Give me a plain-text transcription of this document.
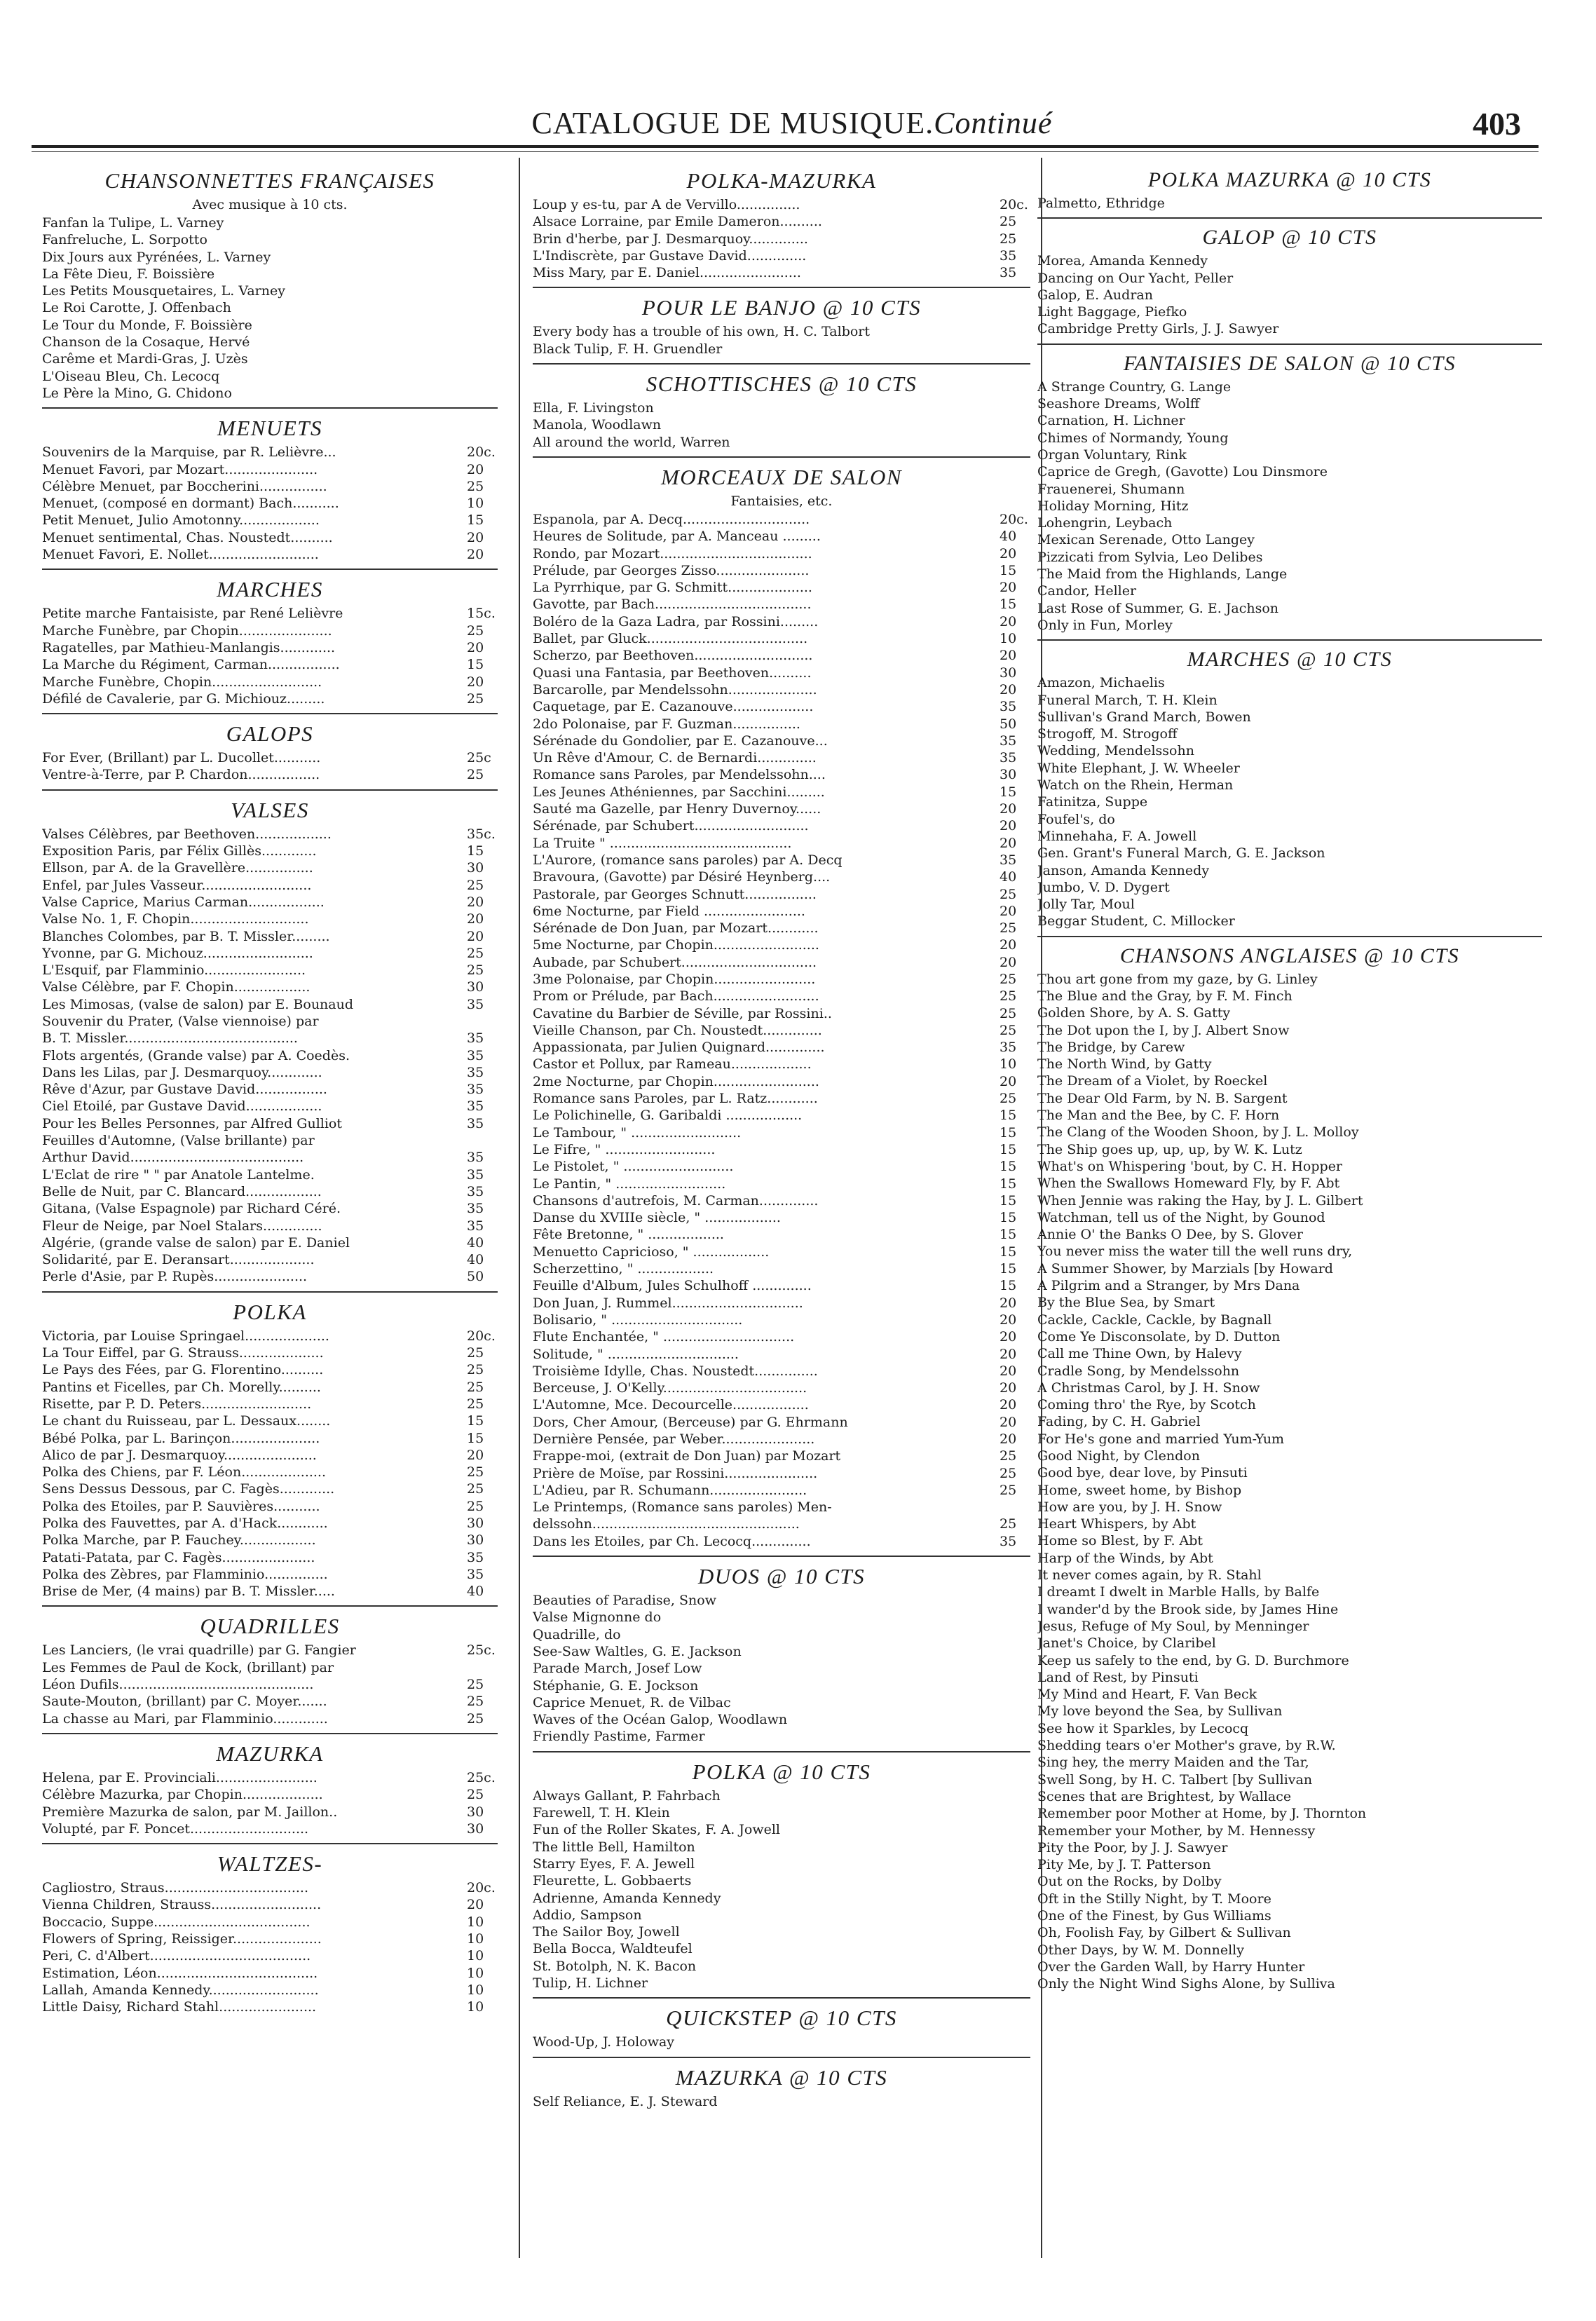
CATALOGUE DE MUSIQUE.Continué	403
CHANSONNETTES FRANÇAISES
Avec musique à 10 cts.
Fanfan la Tulipe, L. Varney
Fanfreluche, L. Sorpotto
Dix Jours aux Pyrénées, L. Varney
La Fête Dieu, F. Boissière
Les Petits Mousquetaires, L. Varney
Le Roi Carotte, J. Offenbach
Le Tour du Monde, F. Boissière
Chanson de la Cosaque, Hervé
Carême et Mardi-Gras, J. Uzès
L'Oiseau Bleu, Ch. Lecocq
Le Père la Mino, G. Chidono
MENUETS
Souvenirs de la Marquise, par R. Lelièvre...	20c.
Menuet Favori, par Mozart......................	20
Célèbre Menuet, par Boccherini................	25
Menuet, (composé en dormant) Bach...........	10
Petit Menuet, Julio Amotonny...................	15
Menuet sentimental, Chas. Noustedt..........	20
Menuet Favori, E. Nollet..........................	20
MARCHES
Petite marche Fantaisiste, par René Lelièvre	15c.
Marche Funèbre, par Chopin......................	25
Ragatelles, par Mathieu-Manlangis.............	20
La Marche du Régiment, Carman.................	15
Marche Funèbre, Chopin..........................	20
Défilé de Cavalerie, par G. Michiouz.........	25
GALOPS
For Ever, (Brillant) par L. Ducollet...........	25c
Ventre-à-Terre, par P. Chardon.................	25
VALSES
Valses Célèbres, par Beethoven..................	35c.
Exposition Paris, par Félix Gillès.............	15
Ellson, par A. de la Gravellère................	30
Enfel, par Jules Vasseur..........................	25
Valse Caprice, Marius Carman..................	20
Valse No. 1, F. Chopin............................	20
Blanches Colombes, par B. T. Missler.........	20
Yvonne, par G. Michouz..........................	25
L'Esquif, par Flamminio........................	25
Valse Célèbre, par F. Chopin..................	30
Les Mimosas, (valse de salon) par E. Bounaud	35
Souvenir du Prater, (Valse viennoise) par
B. T. Missler.........................................	35
Flots argentés, (Grande valse) par A. Coedès.	35
Dans les Lilas, par J. Desmarquoy.............	35
Rêve d'Azur, par Gustave David.................	35
Ciel Etoilé, par Gustave David..................	35
Pour les Belles Personnes, par Alfred Gulliot	35
Feuilles d'Automne, (Valse brillante) par
Arthur David.........................................	35
L'Eclat de rire " " par Anatole Lantelme.	35
Belle de Nuit, par C. Blancard..................	35
Gitana, (Valse Espagnole) par Richard Céré.	35
Fleur de Neige, par Noel Stalars..............	35
Algérie, (grande valse de salon) par E. Daniel	40
Solidarité, par E. Deransart....................	40
Perle d'Asie, par P. Rupès......................	50
POLKA
Victoria, par Louise Springael....................	20c.
La Tour Eiffel, par G. Strauss....................	25
Le Pays des Fées, par G. Florentino..........	25
Pantins et Ficelles, par Ch. Morelly..........	25
Risette, par P. D. Peters..........................	25
Le chant du Ruisseau, par L. Dessaux........	15
Bébé Polka, par L. Barinçon.....................	15
Alico de par J. Desmarquoy......................	20
Polka des Chiens, par F. Léon....................	25
Sens Dessus Dessous, par C. Fagès.............	25
Polka des Etoiles, par P. Sauvières...........	25
Polka des Fauvettes, par A. d'Hack............	30
Polka Marche, par P. Fauchey..................	30
Patati-Patata, par C. Fagès......................	35
Polka des Zèbres, par Flamminio...............	35
Brise de Mer, (4 mains) par B. T. Missler.....	40
QUADRILLES
Les Lanciers, (le vrai quadrille) par G. Fangier	25c.
Les Femmes de Paul de Kock, (brillant) par
Léon Dufils..............................................	25
Saute-Mouton, (brillant) par C. Moyer.......	25
La chasse au Mari, par Flamminio.............	25
MAZURKA
Helena, par E. Provinciali........................	25c.
Célèbre Mazurka, par Chopin...................	25
Première Mazurka de salon, par M. Jaillon..	30
Volupté, par F. Poncet............................	30
WALTZES-
Cagliostro, Straus..................................	20c.
Vienna Children, Strauss..........................	20
Boccacio, Suppe.....................................	10
Flowers of Spring, Reissiger.....................	10
Peri, C. d'Albert......................................	10
Estimation, Léon......................................	10
Lallah, Amanda Kennedy..........................	10
Little Daisy, Richard Stahl.......................	10
POLKA-MAZURKA
Loup y es-tu, par A de Vervillo...............	20c.
Alsace Lorraine, par Emile Dameron..........	25
Brin d'herbe, par J. Desmarquoy..............	25
L'Indiscrète, par Gustave David..............	35
Miss Mary, par E. Daniel........................	35
POUR LE BANJO @ 10 CTS
Every body has a trouble of his own, H. C. Talbort
Black Tulip, F. H. Gruendler
SCHOTTISCHES @ 10 CTS
Ella, F. Livingston
Manola, Woodlawn
All around the world, Warren
MORCEAUX DE SALON
Fantaisies, etc.
Espanola, par A. Decq..............................	20c.
Heures de Solitude, par A. Manceau .........	40
Rondo, par Mozart....................................	20
Prélude, par Georges Zisso......................	15
La Pyrrhique, par G. Schmitt....................	20
Gavotte, par Bach.....................................	15
Boléro de la Gaza Ladra, par Rossini.........	20
Ballet, par Gluck......................................	10
Scherzo, par Beethoven............................	20
Quasi una Fantasia, par Beethoven..........	30
Barcarolle, par Mendelssohn.....................	20
Caquetage, par E. Cazanouve...................	35
2do Polonaise, par F. Guzman................	50
Sérénade du Gondolier, par E. Cazanouve...	35
Un Rêve d'Amour, C. de Bernardi..............	35
Romance sans Paroles, par Mendelssohn....	30
Les Jeunes Athéniennes, par Sacchini.........	15
Sauté ma Gazelle, par Henry Duvernoy......	20
Sérénade, par Schubert...........................	20
La Truite " ...........................................	20
L'Aurore, (romance sans paroles) par A. Decq	35
Bravoura, (Gavotte) par Désiré Heynberg....	40
Pastorale, par Georges Schnutt.................	25
6me Nocturne, par Field ........................	20
Sérénade de Don Juan, par Mozart............	25
5me Nocturne, par Chopin.........................	20
Aubade, par Schubert................................	20
3me Polonaise, par Chopin........................	25
Prom or Prélude, par Bach.........................	25
Cavatine du Barbier de Séville, par Rossini..	25
Vieille Chanson, par Ch. Noustedt..............	25
Appassionata, par Julien Quignard..............	35
Castor et Pollux, par Rameau...................	10
2me Nocturne, par Chopin.........................	20
Romance sans Paroles, par L. Ratz............	25
Le Polichinelle, G. Garibaldi ..................	15
Le Tambour, " ..........................	15
Le Fifre, " ..........................	15
Le Pistolet, " ..........................	15
Le Pantin, " ..........................	15
Chansons d'autrefois, M. Carman..............	15
Danse du XVIIIe siècle, " ..................	15
Fête Bretonne, " ..................	15
Menuetto Capricioso, " ..................	15
Scherzettino, " ..................	15
Feuille d'Album, Jules Schulhoff ..............	15
Don Juan, J. Rummel...............................	20
Bolisario, " ...............................	20
Flute Enchantée, " ...............................	20
Solitude, " ...............................	20
Troisième Idylle, Chas. Noustedt...............	20
Berceuse, J. O'Kelly..................................	20
L'Automne, Mce. Decourcelle..................	20
Dors, Cher Amour, (Berceuse) par G. Ehrmann	20
Dernière Pensée, par Weber......................	20
Frappe-moi, (extrait de Don Juan) par Mozart	25
Prière de Moïse, par Rossini......................	25
L'Adieu, par R. Schumann.......................	25
Le Printemps, (Romance sans paroles) Men-
delssohn.................................................	25
Dans les Etoiles, par Ch. Lecocq..............	35
DUOS @ 10 CTS
Beauties of Paradise, Snow
Valse Mignonne do
Quadrille, do
See-Saw Waltles, G. E. Jackson
Parade March, Josef Low
Stéphanie, G. E. Jockson
Caprice Menuet, R. de Vilbac
Waves of the Océan Galop, Woodlawn
Friendly Pastime, Farmer
POLKA @ 10 CTS
Always Gallant, P. Fahrbach
Farewell, T. H. Klein
Fun of the Roller Skates, F. A. Jowell
The little Bell, Hamilton
Starry Eyes, F. A. Jewell
Fleurette, L. Gobbaerts
Adrienne, Amanda Kennedy
Addio, Sampson
The Sailor Boy, Jowell
Bella Bocca, Waldteufel
St. Botolph, N. K. Bacon
Tulip, H. Lichner
QUICKSTEP @ 10 CTS
Wood-Up, J. Holoway
MAZURKA @ 10 CTS
Self Reliance, E. J. Steward
POLKA MAZURKA @ 10 CTS
Palmetto, Ethridge
GALOP @ 10 CTS
Morea, Amanda Kennedy
Dancing on Our Yacht, Peller
Galop, E. Audran
Light Baggage, Piefko
Cambridge Pretty Girls, J. J. Sawyer
FANTAISIES DE SALON @ 10 CTS
A Strange Country, G. Lange
Seashore Dreams, Wolff
Carnation, H. Lichner
Chimes of Normandy, Young
Organ Voluntary, Rink
Caprice de Gregh, (Gavotte) Lou Dinsmore
Frauenerei, Shumann
Holiday Morning, Hitz
Lohengrin, Leybach
Mexican Serenade, Otto Langey
Pizzicati from Sylvia, Leo Delibes
The Maid from the Highlands, Lange
Candor, Heller
Last Rose of Summer, G. E. Jachson
Only in Fun, Morley
MARCHES @ 10 CTS
Amazon, Michaelis
Funeral March, T. H. Klein
Sullivan's Grand March, Bowen
Strogoff, M. Strogoff
Wedding, Mendelssohn
White Elephant, J. W. Wheeler
Watch on the Rhein, Herman
Fatinitza, Suppe
Foufel's, do
Minnehaha, F. A. Jowell
Gen. Grant's Funeral March, G. E. Jackson
Janson, Amanda Kennedy
Jumbo, V. D. Dygert
Jolly Tar, Moul
Beggar Student, C. Millocker
CHANSONS ANGLAISES @ 10 CTS
Thou art gone from my gaze, by G. Linley
The Blue and the Gray, by F. M. Finch
Golden Shore, by A. S. Gatty
The Dot upon the I, by J. Albert Snow
The Bridge, by Carew
The North Wind, by Gatty
The Dream of a Violet, by Roeckel
The Dear Old Farm, by N. B. Sargent
The Man and the Bee, by C. F. Horn
The Clang of the Wooden Shoon, by J. L. Molloy
The Ship goes up, up, up, by W. K. Lutz
What's on Whispering 'bout, by C. H. Hopper
When the Swallows Homeward Fly, by F. Abt
When Jennie was raking the Hay, by J. L. Gilbert
Watchman, tell us of the Night, by Gounod
Annie O' the Banks O Dee, by S. Glover
You never miss the water till the well runs dry,
A Summer Shower, by Marzials [by Howard
A Pilgrim and a Stranger, by Mrs Dana
By the Blue Sea, by Smart
Cackle, Cackle, Cackle, by Bagnall
Come Ye Disconsolate, by D. Dutton
Call me Thine Own, by Halevy
Cradle Song, by Mendelssohn
A Christmas Carol, by J. H. Snow
Coming thro' the Rye, by Scotch
Fading, by C. H. Gabriel
For He's gone and married Yum-Yum
Good Night, by Clendon
Good bye, dear love, by Pinsuti
Home, sweet home, by Bishop
How are you, by J. H. Snow
Heart Whispers, by Abt
Home so Blest, by F. Abt
Harp of the Winds, by Abt
It never comes again, by R. Stahl
I dreamt I dwelt in Marble Halls, by Balfe
I wander'd by the Brook side, by James Hine
Jesus, Refuge of My Soul, by Menninger
Janet's Choice, by Claribel
Keep us safely to the end, by G. D. Burchmore
Land of Rest, by Pinsuti
My Mind and Heart, F. Van Beck
My love beyond the Sea, by Sullivan
See how it Sparkles, by Lecocq
Shedding tears o'er Mother's grave, by R.W.
Sing hey, the merry Maiden and the Tar,
Swell Song, by H. C. Talbert [by Sullivan
Scenes that are Brightest, by Wallace
Remember poor Mother at Home, by J. Thornton
Remember your Mother, by M. Hennessy
Pity the Poor, by J. J. Sawyer
Pity Me, by J. T. Patterson
Out on the Rocks, by Dolby
Oft in the Stilly Night, by T. Moore
One of the Finest, by Gus Williams
Oh, Foolish Fay, by Gilbert & Sullivan
Other Days, by W. M. Donnelly
Over the Garden Wall, by Harry Hunter
Only the Night Wind Sighs Alone, by Sulliva
